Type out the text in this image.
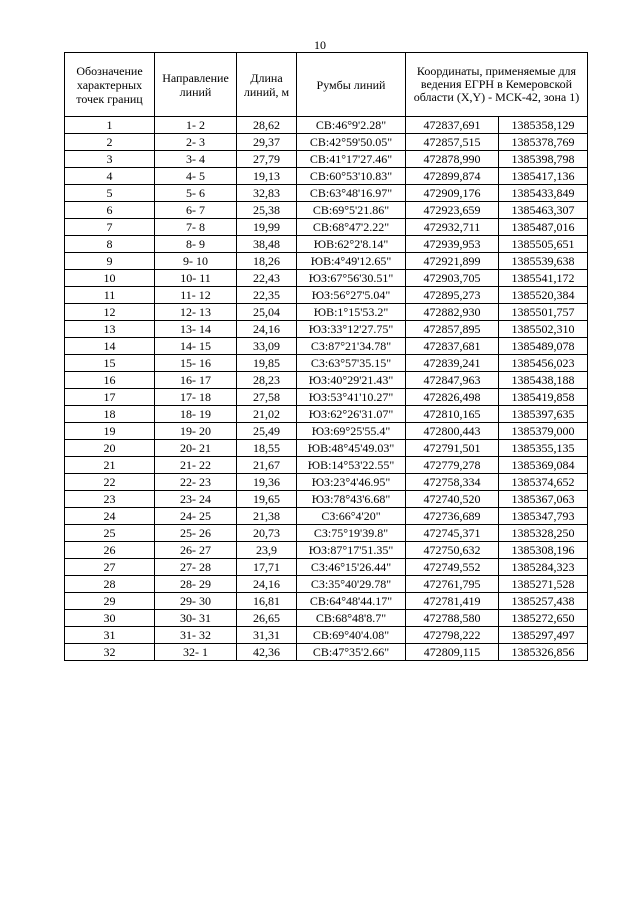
10
Обозначение характерных точек границ	Направление линий	Длина линий, м	Румбы линий	Координаты, применяемые для ведения ЕГРН в Кемеровской области (X,Y) - МСК-42, зона 1)	
1	1- 2	28,62	СВ:46°9'2.28"	472837,691	1385358,129
2	2- 3	29,37	СВ:42°59'50.05"	472857,515	1385378,769
3	3- 4	27,79	СВ:41°17'27.46"	472878,990	1385398,798
4	4- 5	19,13	СВ:60°53'10.83"	472899,874	1385417,136
5	5- 6	32,83	СВ:63°48'16.97"	472909,176	1385433,849
6	6- 7	25,38	СВ:69°5'21.86"	472923,659	1385463,307
7	7- 8	19,99	СВ:68°47'2.22"	472932,711	1385487,016
8	8- 9	38,48	ЮВ:62°2'8.14"	472939,953	1385505,651
9	9- 10	18,26	ЮВ:4°49'12.65"	472921,899	1385539,638
10	10- 11	22,43	ЮЗ:67°56'30.51"	472903,705	1385541,172
11	11- 12	22,35	ЮЗ:56°27'5.04"	472895,273	1385520,384
12	12- 13	25,04	ЮВ:1°15'53.2"	472882,930	1385501,757
13	13- 14	24,16	ЮЗ:33°12'27.75"	472857,895	1385502,310
14	14- 15	33,09	СЗ:87°21'34.78"	472837,681	1385489,078
15	15- 16	19,85	СЗ:63°57'35.15"	472839,241	1385456,023
16	16- 17	28,23	ЮЗ:40°29'21.43"	472847,963	1385438,188
17	17- 18	27,58	ЮЗ:53°41'10.27"	472826,498	1385419,858
18	18- 19	21,02	ЮЗ:62°26'31.07"	472810,165	1385397,635
19	19- 20	25,49	ЮЗ:69°25'55.4"	472800,443	1385379,000
20	20- 21	18,55	ЮВ:48°45'49.03"	472791,501	1385355,135
21	21- 22	21,67	ЮВ:14°53'22.55"	472779,278	1385369,084
22	22- 23	19,36	ЮЗ:23°4'46.95"	472758,334	1385374,652
23	23- 24	19,65	ЮЗ:78°43'6.68"	472740,520	1385367,063
24	24- 25	21,38	СЗ:66°4'20"	472736,689	1385347,793
25	25- 26	20,73	СЗ:75°19'39.8"	472745,371	1385328,250
26	26- 27	23,9	ЮЗ:87°17'51.35"	472750,632	1385308,196
27	27- 28	17,71	СЗ:46°15'26.44"	472749,552	1385284,323
28	28- 29	24,16	СЗ:35°40'29.78"	472761,795	1385271,528
29	29- 30	16,81	СВ:64°48'44.17"	472781,419	1385257,438
30	30- 31	26,65	СВ:68°48'8.7"	472788,580	1385272,650
31	31- 32	31,31	СВ:69°40'4.08"	472798,222	1385297,497
32	32- 1	42,36	СВ:47°35'2.66"	472809,115	1385326,856
